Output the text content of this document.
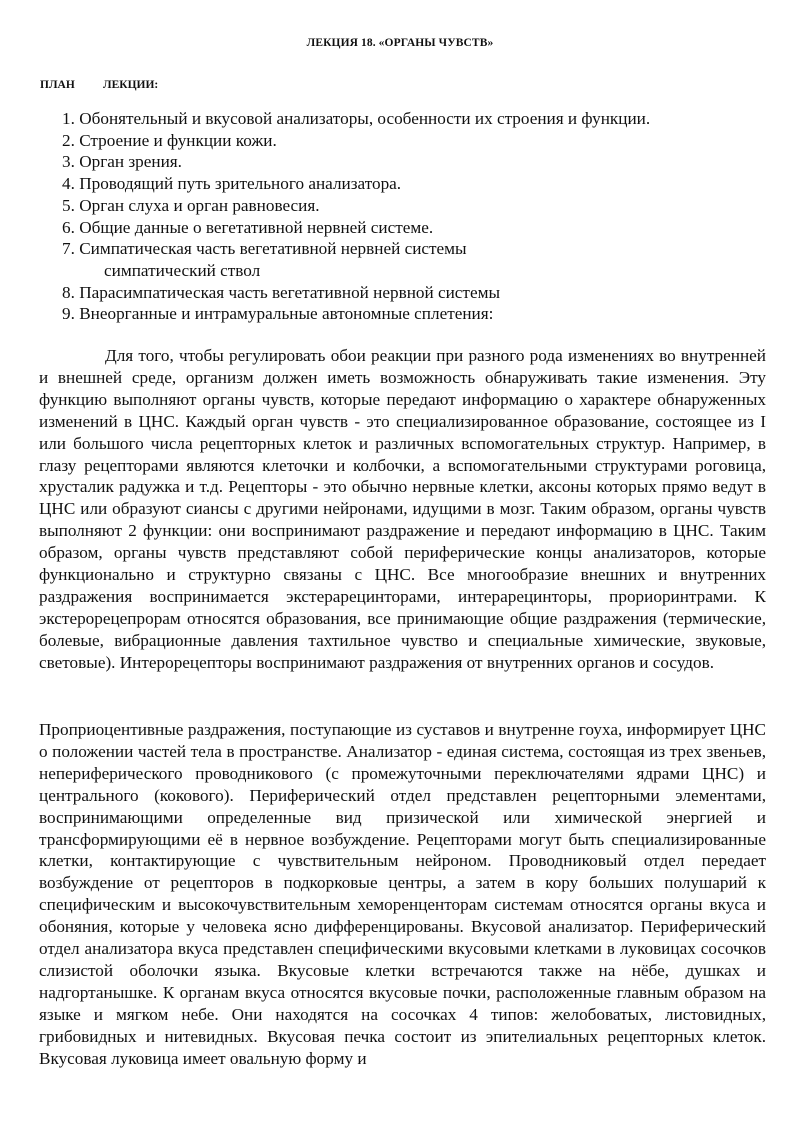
ЛЕКЦИЯ 18. «ОРГАНЫ ЧУВСТВ»
ПЛАН ЛЕКЦИИ:
1. Обонятельный и вкусовой анализаторы, особенности их строения и функции.
2. Строение и функции кожи.
3. Орган зрения.
4. Проводящий путь зрительного анализатора.
5. Орган слуха и орган равновесия.
6. Общие данные о вегетативной нервней системе.
7. Симпатическая часть вегетативной нервней системы
симпатический ствол
8. Парасимпатическая часть вегетативной нервной системы
9. Внеорганные и интрамуральные автономные сплетения:
Для того, чтобы регулировать обои реакции при разного рода изменениях во внутренней и внешней среде, организм должен иметь возможность обнаруживать такие изменения. Эту функцию выполняют органы чувств, которые передают информацию о характере обнаруженных изменений в ЦНС. Каждый орган чувств - это специализированное образование, состоящее из I или большого числа рецепторных клеток и различных вспомогательных структур. Например, в глазу рецепторами являются клеточки и колбочки, а вспомогательными структурами роговица, хрусталик радужка и т.д. Рецепторы - это обычно нервные клетки, аксоны которых прямо ведут в ЦНС или образуют сиансы с другими нейронами, идущими в мозг. Таким образом, органы чувств выполняют 2 функции: они воспринимают раздражение и передают информацию в ЦНС. Таким образом, органы чувств представляют собой периферические концы анализаторов, которые функционально и структурно связаны с ЦНС. Все многообразие внешних и внутренних раздражения воспринимается экстерарецинторами, интерарецинторы, прориоринтрами. К экстерорецепрорам относятся образования, все принимающие общие раздражения (термические, болевые, вибрационные давления тахтильное чувство и специальные химические, звуковые, световые). Интерорецепторы воспринимают раздражения от внутренних органов и сосудов.
Проприоцентивные раздражения, поступающие из суставов и внутренне гоуха, информирует ЦНС о положении частей тела в пространстве. Анализатор - единая система, состоящая из трех звеньев, непериферического проводникового (с промежуточными переключателями ядрами ЦНС) и центрального (кокового). Периферический отдел представлен рецепторными элементами, воспринимающими определенные вид призической или химической энергией и трансформирующими её в нервное возбуждение. Рецепторами могут быть специализированные клетки, контактирующие с чувствительным нейроном. Проводниковый отдел передает возбуждение от рецепторов в подкорковые центры, а затем в кору больших полушарий к специфическим и высокочувствительным хеморенценторам системам относятся органы вкуса и обоняния, которые у человека ясно дифференцированы. Вкусовой анализатор. Периферический отдел анализатора вкуса представлен специфическими вкусовыми клетками в луковицах сосочков слизистой оболочки языка. Вкусовые клетки встречаются также на нёбе, душках и надгортанышке. К органам вкуса относятся вкусовые почки, расположенные главным образом на языке и мягком небе. Они находятся на сосочках 4 типов: желобоватых, листовидных, грибовидных и нитевидных. Вкусовая печка состоит из эпителиальных рецепторных клеток. Вкусовая луковица имеет овальную форму и
